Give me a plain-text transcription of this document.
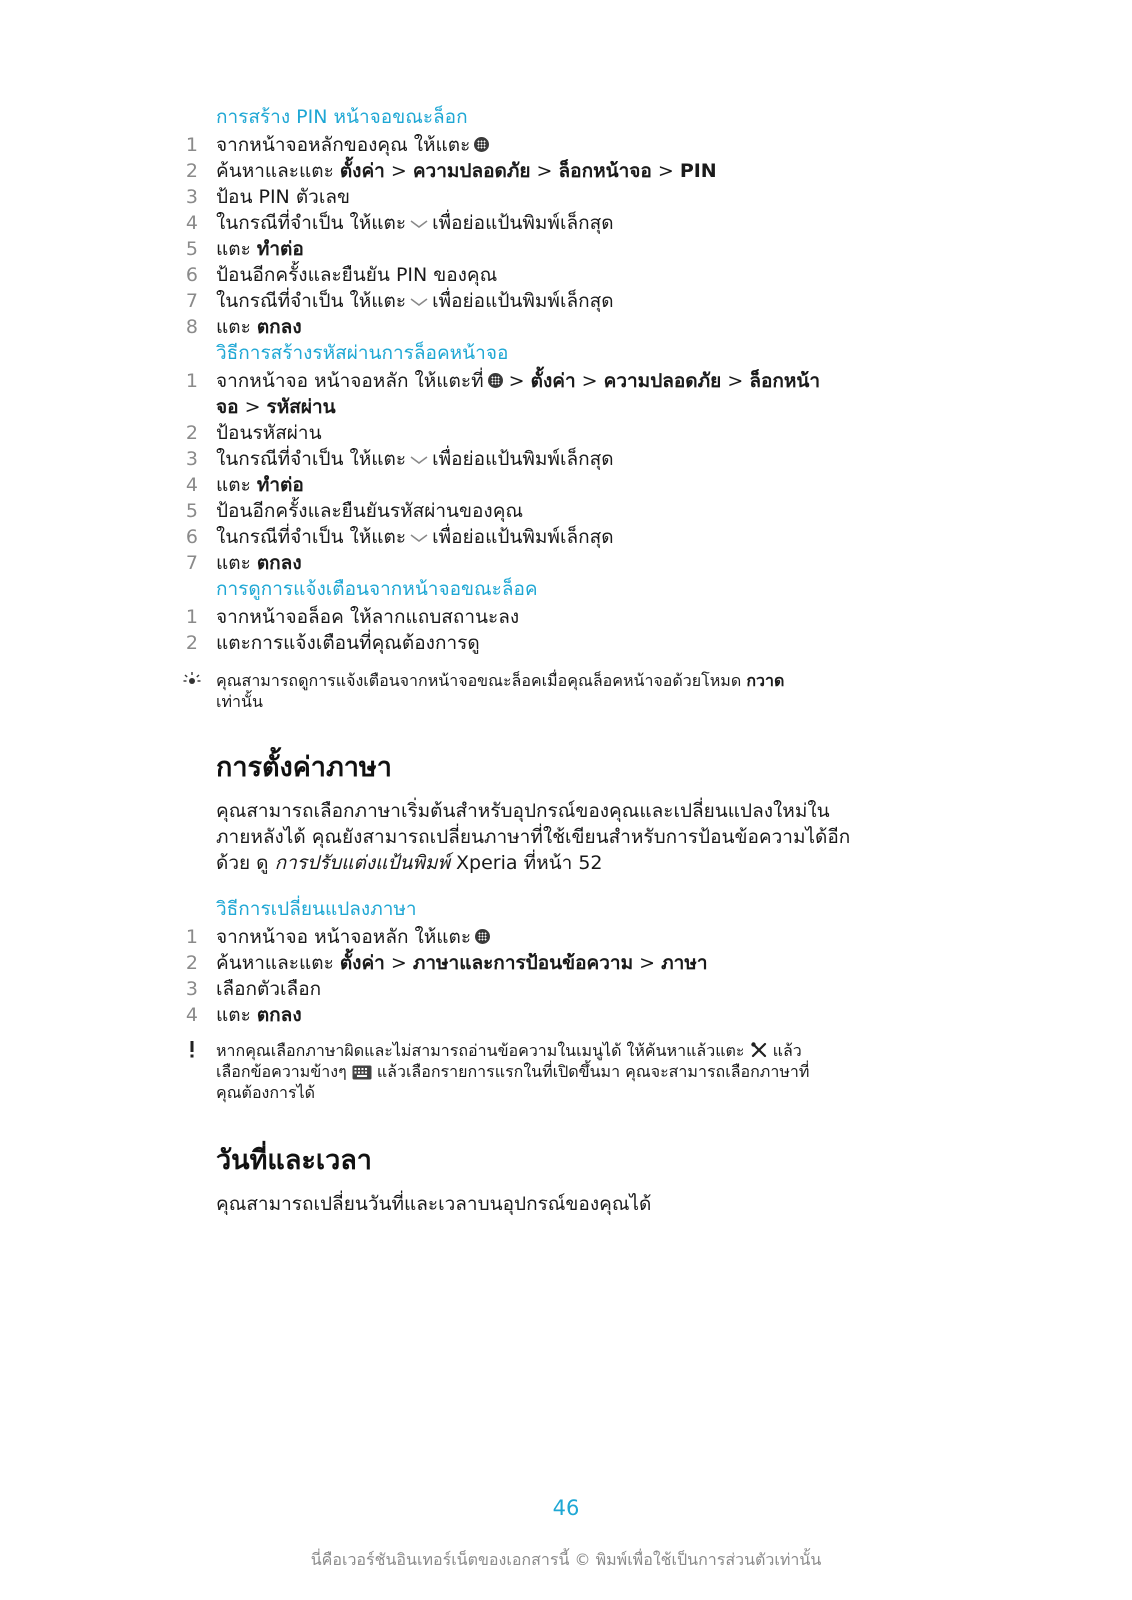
การสร้าง PIN หน้าจอขณะล็อก
1 จากหน้าจอหลักของคุณ ให้แตะ
2 ค้นหาและแตะ ตั้งค่า > ความปลอดภัย > ล็อกหน้าจอ > PIN
3 ป้อน PIN ตัวเลข
4 ในกรณีที่จำเป็น ให้แตะ เพื่อย่อแป้นพิมพ์เล็กสุด
5 แตะ ทำต่อ
6 ป้อนอีกครั้งและยืนยัน PIN ของคุณ
7 ในกรณีที่จำเป็น ให้แตะ เพื่อย่อแป้นพิมพ์เล็กสุด
8 แตะ ตกลง
วิธีการสร้างรหัสผ่านการล็อคหน้าจอ
1 จากหน้าจอ หน้าจอหลัก ให้แตะที่ > ตั้งค่า > ความปลอดภัย > ล็อกหน้า
จอ > รหัสผ่าน
2 ป้อนรหัสผ่าน
3 ในกรณีที่จำเป็น ให้แตะ เพื่อย่อแป้นพิมพ์เล็กสุด
4 แตะ ทำต่อ
5 ป้อนอีกครั้งและยืนยันรหัสผ่านของคุณ
6 ในกรณีที่จำเป็น ให้แตะ เพื่อย่อแป้นพิมพ์เล็กสุด
7 แตะ ตกลง
การดูการแจ้งเตือนจากหน้าจอขณะล็อค
1 จากหน้าจอล็อค ให้ลากแถบสถานะลง
2 แตะการแจ้งเตือนที่คุณต้องการดู
คุณสามารถดูการแจ้งเตือนจากหน้าจอขณะล็อคเมื่อคุณล็อคหน้าจอด้วยโหมด กวาด
เท่านั้น
การตั้งค่าภาษา

คุณสามารถเลือกภาษาเริ่มต้นสำหรับอุปกรณ์ของคุณและเปลี่ยนแปลงใหม่ใน
ภายหลังได้ คุณยังสามารถเปลี่ยนภาษาที่ใช้เขียนสำหรับการป้อนข้อความได้อีก
ด้วย ดู การปรับแต่งแป้นพิมพ์ Xperia ที่หน้า 52

วิธีการเปลี่ยนแปลงภาษา
1 จากหน้าจอ หน้าจอหลัก ให้แตะ
2 ค้นหาและแตะ ตั้งค่า > ภาษาและการป้อนข้อความ > ภาษา
3 เลือกตัวเลือก
4 แตะ ตกลง
หากคุณเลือกภาษาผิดและไม่สามารถอ่านข้อความในเมนูได้ ให้ค้นหาแล้วแตะ แล้ว
เลือกข้อความข้างๆ แล้วเลือกรายการแรกในที่เปิดขึ้นมา คุณจะสามารถเลือกภาษาที่
คุณต้องการได้
วันที่และเวลา

คุณสามารถเปลี่ยนวันที่และเวลาบนอุปกรณ์ของคุณได้

46
นี่คือเวอร์ชันอินเทอร์เน็ตของเอกสารนี้ © พิมพ์เพื่อใช้เป็นการส่วนตัวเท่านั้น
